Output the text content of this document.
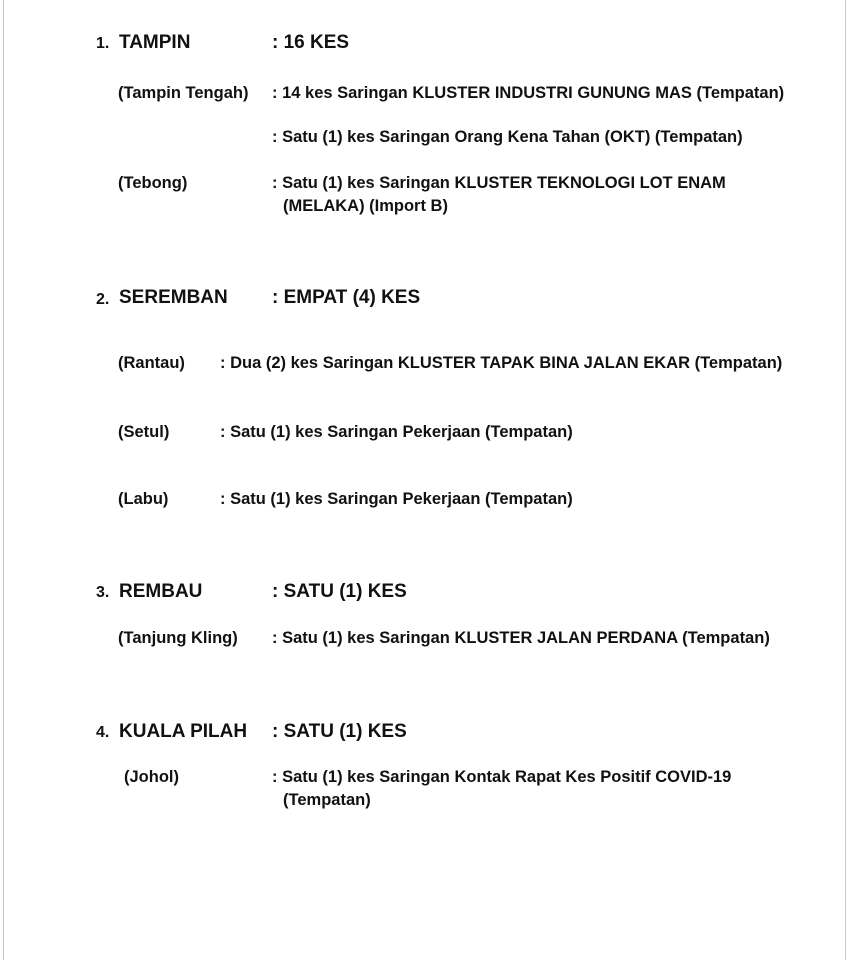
1. TAMPIN	: 16 KES
(Tampin Tengah) : 14 kes Saringan KLUSTER INDUSTRI GUNUNG MAS (Tempatan)
: Satu (1) kes Saringan Orang Kena Tahan (OKT) (Tempatan)
(Tebong)	: Satu (1) kes Saringan KLUSTER TEKNOLOGI LOT ENAM
(MELAKA) (Import B)
2. SEREMBAN : EMPAT (4) KES
(Rantau) : Dua (2) kes Saringan KLUSTER TAPAK BINA JALAN EKAR (Tempatan)
(Setul)	: Satu (1) kes Saringan Pekerjaan (Tempatan)
(Labu)	: Satu (1) kes Saringan Pekerjaan (Tempatan)
3. REMBAU	: SATU (1) KES
(Tanjung Kling) : Satu (1) kes Saringan KLUSTER JALAN PERDANA (Tempatan)
4. KUALA PILAH : SATU (1) KES
(Johol)	: Satu (1) kes Saringan Kontak Rapat Kes Positif COVID-19
(Tempatan)
